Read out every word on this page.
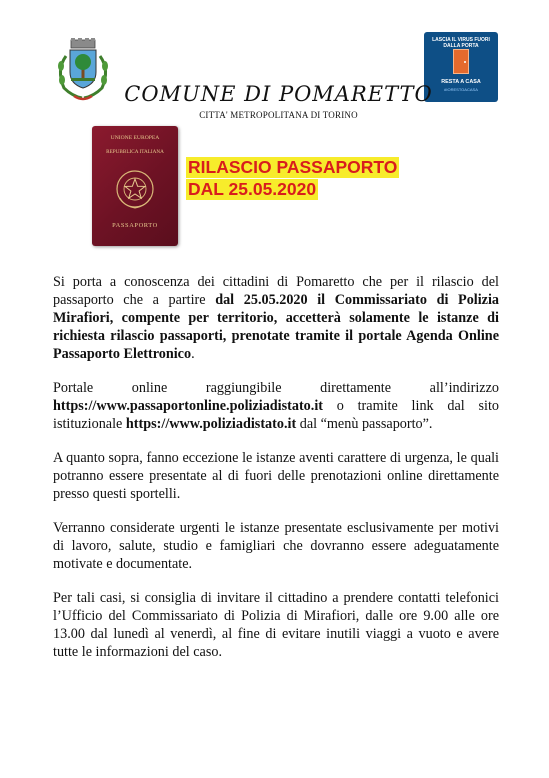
LASCIA IL VIRUS FUORI DALLA PORTA
RESTA A CASA
#IORESTOACASA
COMUNE DI POMARETTO
CITTA' METROPOLITANA DI TORINO
UNIONE EUROPEA
REPUBBLICA ITALIANA
PASSAPORTO
RILASCIO PASSAPORTO
DAL 25.05.2020

Si porta a conoscenza dei cittadini di Pomaretto che per il rilascio del passaporto che a partire dal 25.05.2020 il Commissariato di Polizia Mirafiori, compente per territorio, accetterà solamente le istanze di richiesta rilascio passaporti, prenotate tramite il portale Agenda Online Passaporto Elettronico.

Portale online raggiungibile direttamente all’indirizzo https://www.passaportonline.poliziadistato.it o tramite link dal sito istituzionale https://www.poliziadistato.it dal “menù passaporto”.

A quanto sopra, fanno eccezione le istanze aventi carattere di urgenza, le quali potranno essere presentate al di fuori delle prenotazioni online direttamente presso questi sportelli.

Verranno considerate urgenti le istanze presentate esclusivamente per motivi di lavoro, salute, studio e famigliari che dovranno essere adeguatamente motivate e documentate.

Per tali casi, si consiglia di invitare il cittadino a prendere contatti telefonici l’Ufficio del Commissariato di Polizia di Mirafiori, dalle ore 9.00 alle ore 13.00 dal lunedì al venerdì, al fine di evitare inutili viaggi a vuoto e avere tutte le informazioni del caso.
